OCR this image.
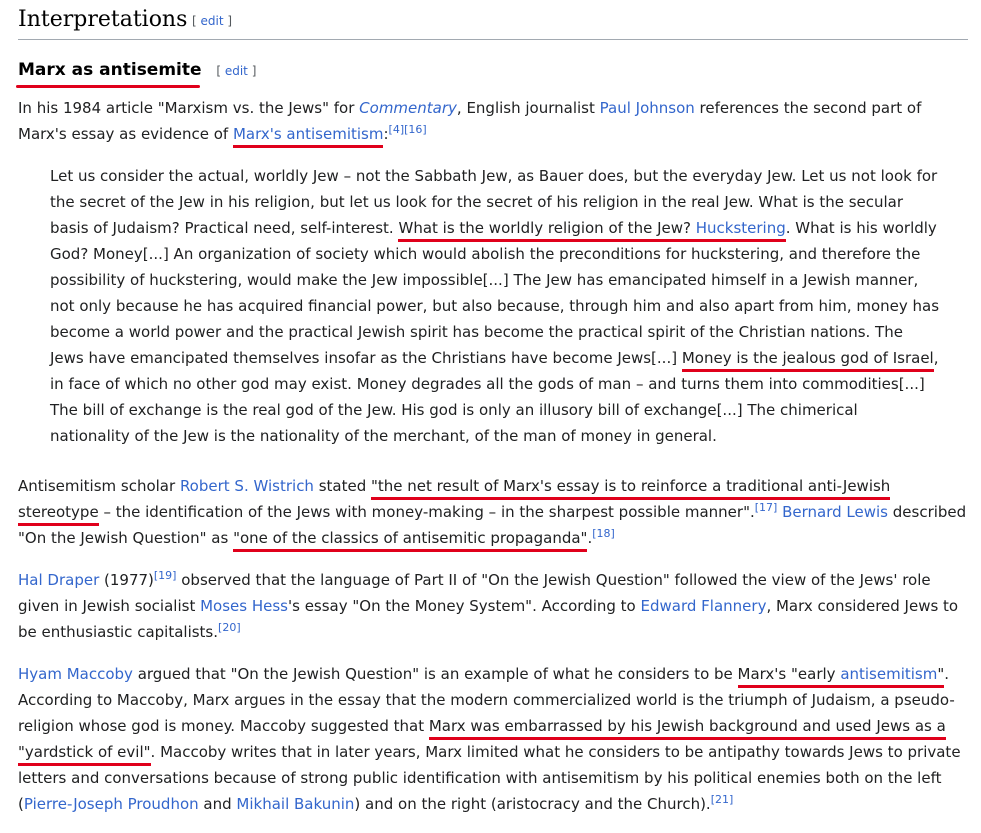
Interpretations [ edit ]
Marx as antisemite [ edit ]

In his 1984 article "Marxism vs. the Jews" for Commentary, English journalist Paul Johnson references the second part of Marx's essay as evidence of Marx's antisemitism:[4][16]

Let us consider the actual, worldly Jew – not the Sabbath Jew, as Bauer does, but the everyday Jew. Let us not look for the secret of the Jew in his religion, but let us look for the secret of his religion in the real Jew. What is the secular basis of Judaism? Practical need, self-interest. What is the worldly religion of the Jew? Huckstering. What is his worldly God? Money[...] An organization of society which would abolish the preconditions for huckstering, and therefore the possibility of huckstering, would make the Jew impossible[...] The Jew has emancipated himself in a Jewish manner, not only because he has acquired financial power, but also because, through him and also apart from him, money has become a world power and the practical Jewish spirit has become the practical spirit of the Christian nations. The Jews have emancipated themselves insofar as the Christians have become Jews[...] Money is the jealous god of Israel, in face of which no other god may exist. Money degrades all the gods of man – and turns them into commodities[...] The bill of exchange is the real god of the Jew. His god is only an illusory bill of exchange[...] The chimerical nationality of the Jew is the nationality of the merchant, of the man of money in general.

Antisemitism scholar Robert S. Wistrich stated "the net result of Marx's essay is to reinforce a traditional anti-Jewish stereotype – the identification of the Jews with money-making – in the sharpest possible manner".[17] Bernard Lewis described "On the Jewish Question" as "one of the classics of antisemitic propaganda".[18]

Hal Draper (1977)[19] observed that the language of Part II of "On the Jewish Question" followed the view of the Jews' role given in Jewish socialist Moses Hess's essay "On the Money System". According to Edward Flannery, Marx considered Jews to be enthusiastic capitalists.[20]

Hyam Maccoby argued that "On the Jewish Question" is an example of what he considers to be Marx's "early antisemitism". According to Maccoby, Marx argues in the essay that the modern commercialized world is the triumph of Judaism, a pseudo-religion whose god is money. Maccoby suggested that Marx was embarrassed by his Jewish background and used Jews as a "yardstick of evil". Maccoby writes that in later years, Marx limited what he considers to be antipathy towards Jews to private letters and conversations because of strong public identification with antisemitism by his political enemies both on the left (Pierre-Joseph Proudhon and Mikhail Bakunin) and on the right (aristocracy and the Church).[21]
